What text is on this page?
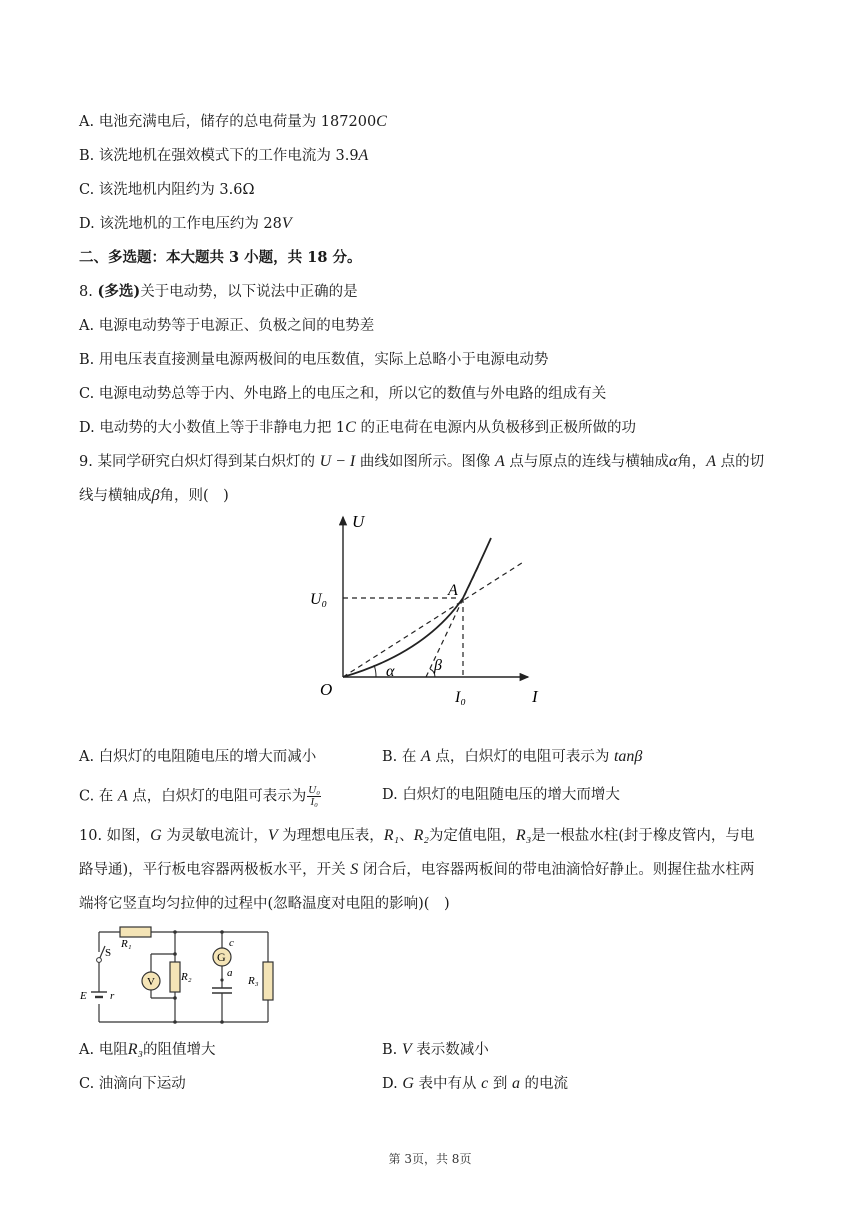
A. 电池充满电后，储存的总电荷量为 187200C
B. 该洗地机在强效模式下的工作电流为 3.9A
C. 该洗地机内阻约为 3.6Ω
D. 该洗地机的工作电压约为 28V
二、多选题：本大题共 3 小题，共 18 分。
8. (多选)关于电动势，以下说法中正确的是
A. 电源电动势等于电源正、负极之间的电势差
B. 用电压表直接测量电源两极间的电压数值，实际上总略小于电源电动势
C. 电源电动势总等于内、外电路上的电压之和，所以它的数值与外电路的组成有关
D. 电动势的大小数值上等于非静电力把 1C 的正电荷在电源内从负极移到正极所做的功
9. 某同学研究白炽灯得到某白炽灯的 U − I 曲线如图所示。图像 A 点与原点的连线与横轴成α角，A 点的切
线与横轴成β角，则(　)
U
I
O
U₀
I₀
A
α β
A. 白炽灯的电阻随电压的增大而减小	B. 在 A 点，白炽灯的电阻可表示为 tanβ
C. 在 A 点，白炽灯的电阻可表示为 $\frac{\text{U₀}}{\text{I₀}}$	D. 白炽灯的电阻随电压的增大而增大
10. 如图，G 为灵敏电流计，V 为理想电压表，R₁、R₂为定值电阻，R₃是一根盐水柱(封于橡皮管内，与电
路导通)，平行板电容器两极板水平，开关 S 闭合后，电容器两板间的带电油滴恰好静止。则握住盐水柱两
端将它竖直均匀拉伸的过程中(忽略温度对电阻的影响)(　)
R₁
R₂	R₃
S
V
G
c
a
E r
A. 电阻R₃的阻值增大	B. V 表示数减小
C. 油滴向下运动	D. G 表中有从 c 到 a 的电流
第 3页，共 8页
